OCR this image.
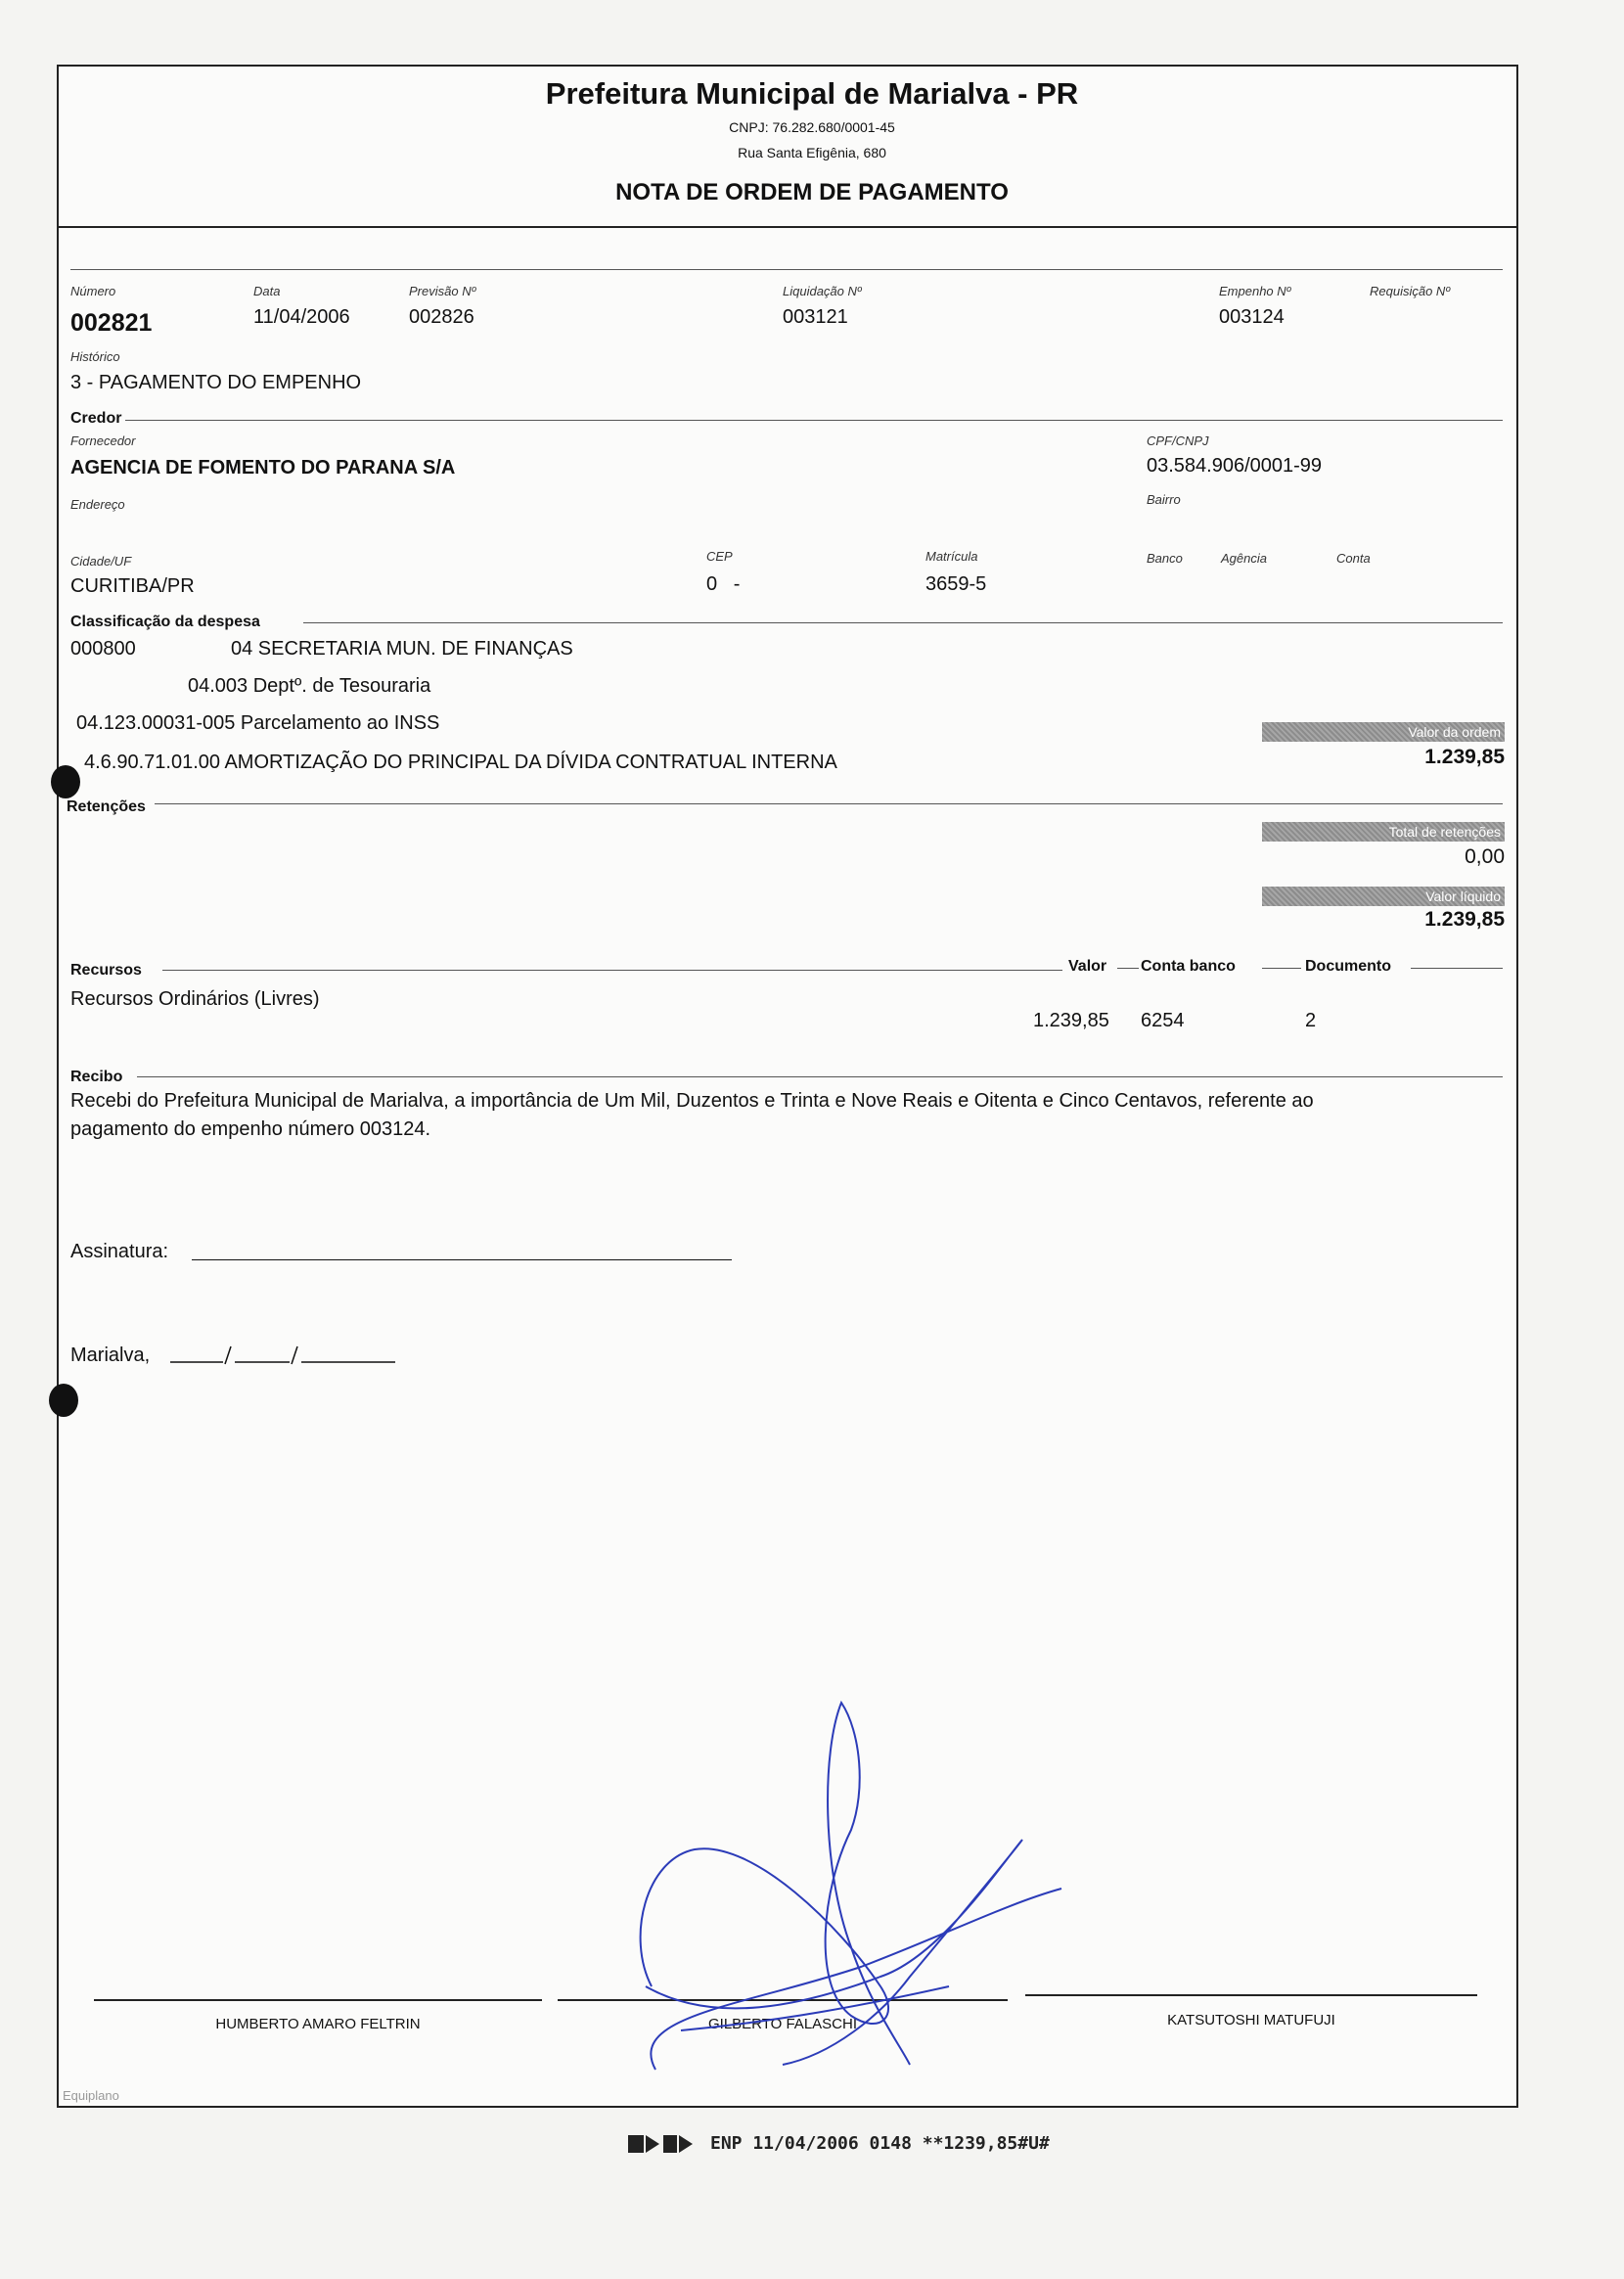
Prefeitura Municipal de Marialva - PR
CNPJ: 76.282.680/0001-45
Rua Santa Efigênia, 680
NOTA DE ORDEM DE PAGAMENTO
Número
002821
Data
11/04/2006
Previsão Nº
002826
Liquidação Nº
003121
Empenho Nº
003124
Requisição Nº
Histórico
3 - PAGAMENTO DO EMPENHO
Credor
Fornecedor
AGENCIA DE FOMENTO DO PARANA S/A
CPF/CNPJ
03.584.906/0001-99
Endereço	Bairro
Cidade/UF
CURITIBA/PR
CEP
0   -
Matrícula
3659-5
Banco	Agência	Conta
Classificação da despesa
000800	04 SECRETARIA MUN. DE FINANÇAS
04.003 Deptº. de Tesouraria
04.123.00031-005 Parcelamento ao INSS
4.6.90.71.01.00 AMORTIZAÇÃO DO PRINCIPAL DA DÍVIDA CONTRATUAL INTERNA
Valor da ordem
1.239,85
Retenções
Total de retenções
0,00
Valor líquido
1.239,85
Recursos	Valor Conta banco	Documento
Recursos Ordinários (Livres)
1.239,85 6254	2
Recibo
Recebi do Prefeitura Municipal de Marialva, a importância de Um Mil, Duzentos e Trinta e Nove Reais e Oitenta e Cinco Centavos, referente ao
pagamento do empenho número 003124.
Assinatura:
Marialva,
HUMBERTO AMARO FELTRIN	GILBERTO FALASCHI	KATSUTOSHI MATUFUJI
Equiplano
ENP 11/04/2006 0148 **1239,85#U#
